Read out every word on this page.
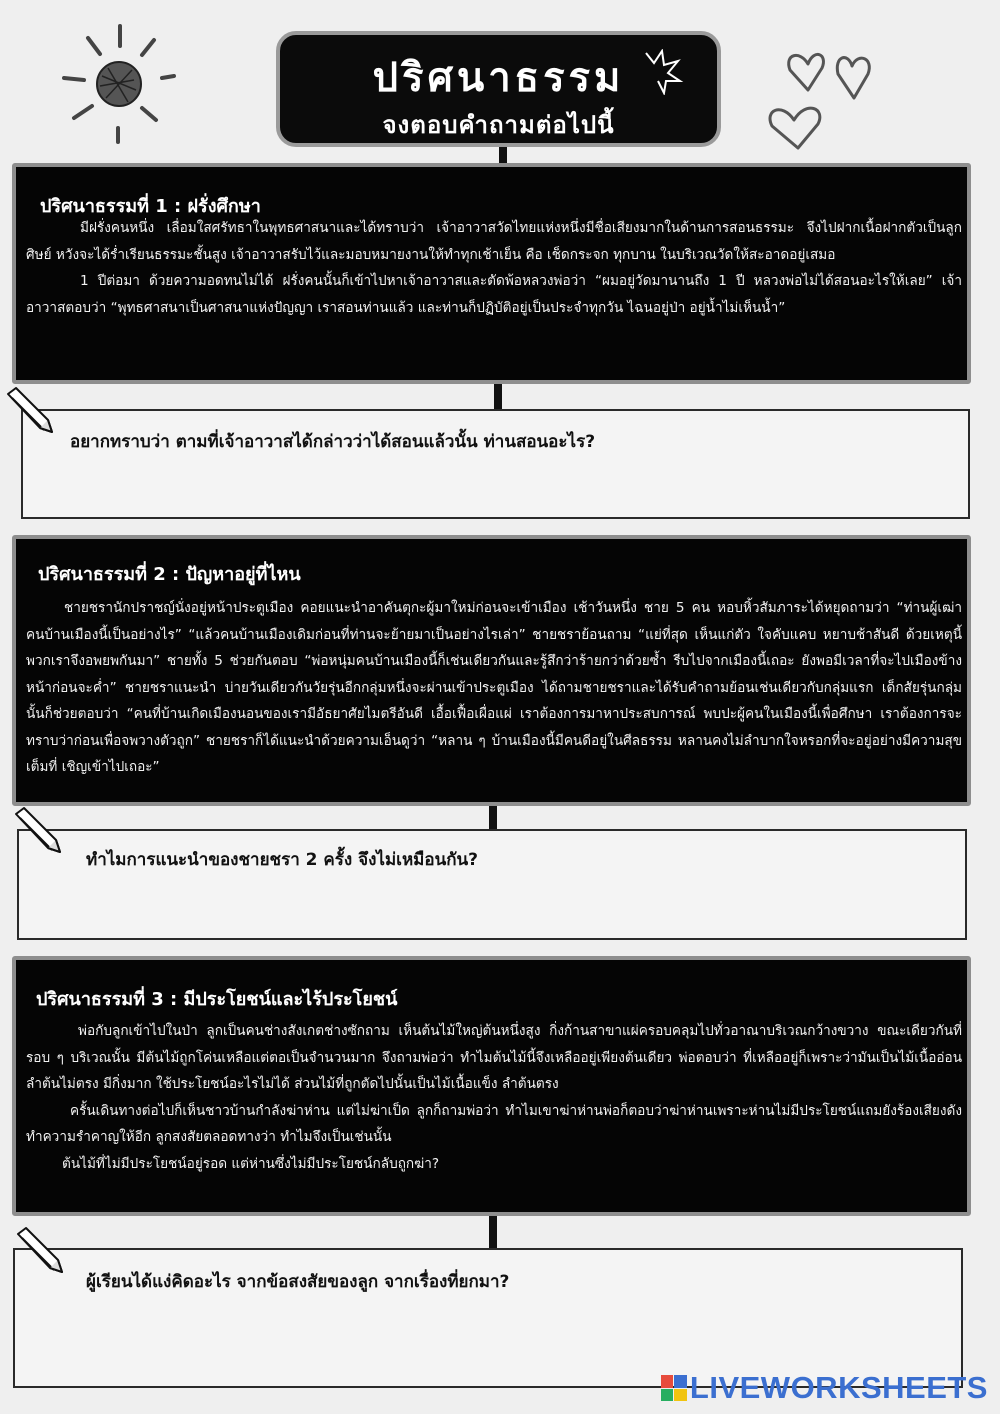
ปริศนาธรรม
จงตอบคำถามต่อไปนี้
ปริศนาธรรมที่ 1 : ฝรั่งศึกษา

มีฝรั่งคนหนึ่ง เลื่อมใสศรัทธาในพุทธศาสนาและได้ทราบว่า เจ้าอาวาสวัดไทยแห่งหนึ่งมีชื่อเสียงมากในด้านการสอนธรรมะ จึงไปฝากเนื้อฝากตัวเป็นลูกศิษย์ หวังจะได้ร่ำเรียนธรรมะชั้นสูง เจ้าอาวาสรับไว้และมอบหมายงานให้ทำทุกเช้าเย็น คือ เช็ดกระจก ทุกบาน ในบริเวณวัดให้สะอาดอยู่เสมอ

1 ปีต่อมา ด้วยความอดทนไม่ได้ ฝรั่งคนนั้นก็เข้าไปหาเจ้าอาวาสและตัดพ้อหลวงพ่อว่า “ผมอยู่วัดมานานถึง 1 ปี หลวงพ่อไม่ได้สอนอะไรให้เลย” เจ้าอาวาสตอบว่า “พุทธศาสนาเป็นศาสนาแห่งปัญญา เราสอนท่านแล้ว และท่านก็ปฏิบัติอยู่เป็นประจำทุกวัน ไฉนอยู่ป่า อยู่น้ำไม่เห็นน้ำ”

อยากทราบว่า ตามที่เจ้าอาวาสได้กล่าวว่าได้สอนแล้วนั้น ท่านสอนอะไร?
ปริศนาธรรมที่ 2 : ปัญหาอยู่ที่ไหน

ชายชรานักปราชญ์นั่งอยู่หน้าประตูเมือง คอยแนะนำอาคันตุกะผู้มาใหม่ก่อนจะเข้าเมือง เช้าวันหนึ่ง ชาย 5 คน หอบหิ้วสัมภาระได้หยุดถามว่า “ท่านผู้เฒ่า คนบ้านเมืองนี้เป็นอย่างไร” “แล้วคนบ้านเมืองเดิมก่อนที่ท่านจะย้ายมาเป็นอย่างไรเล่า” ชายชราย้อนถาม “แย่ที่สุด เห็นแก่ตัว ใจคับแคบ หยาบช้าสันดี ด้วยเหตุนี้ พวกเราจึงอพยพกันมา” ชายทั้ง 5 ช่วยกันตอบ “พ่อหนุ่มคนบ้านเมืองนี้ก็เช่นเดียวกันและรู้สึกว่าร้ายกว่าด้วยซ้ำ รีบไปจากเมืองนี้เถอะ ยังพอมีเวลาที่จะไปเมืองข้างหน้าก่อนจะค่ำ” ชายชราแนะนำ บ่ายวันเดียวกันวัยรุ่นอีกกลุ่มหนึ่งจะผ่านเข้าประตูเมือง ได้ถามชายชราและได้รับคำถามย้อนเช่นเดียวกับกลุ่มแรก เด็กสัยรุ่นกลุ่มนั้นก็ช่วยตอบว่า “คนที่บ้านเกิดเมืองนอนของเรามีอัธยาศัยไมตรีอันดี เอื้อเฟื้อเผื่อแผ่ เราต้องการมาหาประสบการณ์ พบปะผู้คนในเมืองนี้เพื่อศึกษา เราต้องการจะทราบว่าก่อนเพื่อจพวางตัวถูก” ชายชราก็ได้แนะนำด้วยความเอ็นดูว่า “หลาน ๆ บ้านเมืองนี้มีคนดีอยู่ในศีลธรรม หลานคงไม่ลำบากใจหรอกที่จะอยู่อย่างมีความสุขเต็มที่ เชิญเข้าไปเถอะ”

ทำไมการแนะนำของชายชรา 2 ครั้ง จึงไม่เหมือนกัน?
ปริศนาธรรมที่ 3 : มีประโยชน์และไร้ประโยชน์

พ่อกับลูกเข้าไปในป่า ลูกเป็นคนช่างสังเกตช่างซักถาม เห็นต้นไม้ใหญ่ต้นหนึ่งสูง กิ่งก้านสาขาแผ่ครอบคลุมไปทั่วอาณาบริเวณกว้างขวาง ขณะเดียวกันที่รอบ ๆ บริเวณนั้น มีต้นไม้ถูกโค่นเหลือแต่ตอเป็นจำนวนมาก จึงถามพ่อว่า ทำไมต้นไม้นี้จึงเหลืออยู่เพียงต้นเดียว พ่อตอบว่า ที่เหลืออยู่ก็เพราะว่ามันเป็นไม้เนื้ออ่อน ลำต้นไม่ตรง มีกิ่งมาก ใช้ประโยชน์อะไรไม่ได้ ส่วนไม้ที่ถูกตัดไปนั้นเป็นไม้เนื้อแข็ง ลำต้นตรง

ครั้นเดินทางต่อไปก็เห็นชาวบ้านกำลังฆ่าห่าน แต่ไม่ฆ่าเป็ด ลูกก็ถามพ่อว่า ทำไมเขาฆ่าห่านพ่อก็ตอบว่าฆ่าห่านเพราะห่านไม่มีประโยชน์แถมยังร้องเสียงดัง ทำความรำคาญให้อีก ลูกสงสัยตลอดทางว่า ทำไมจึงเป็นเช่นนั้น

ต้นไม้ที่ไม่มีประโยชน์อยู่รอด แต่ห่านซึ่งไม่มีประโยชน์กลับถูกฆ่า?

ผู้เรียนได้แง่คิดอะไร จากข้อสงสัยของลูก จากเรื่องที่ยกมา?
LIVEWORKSHEETS
